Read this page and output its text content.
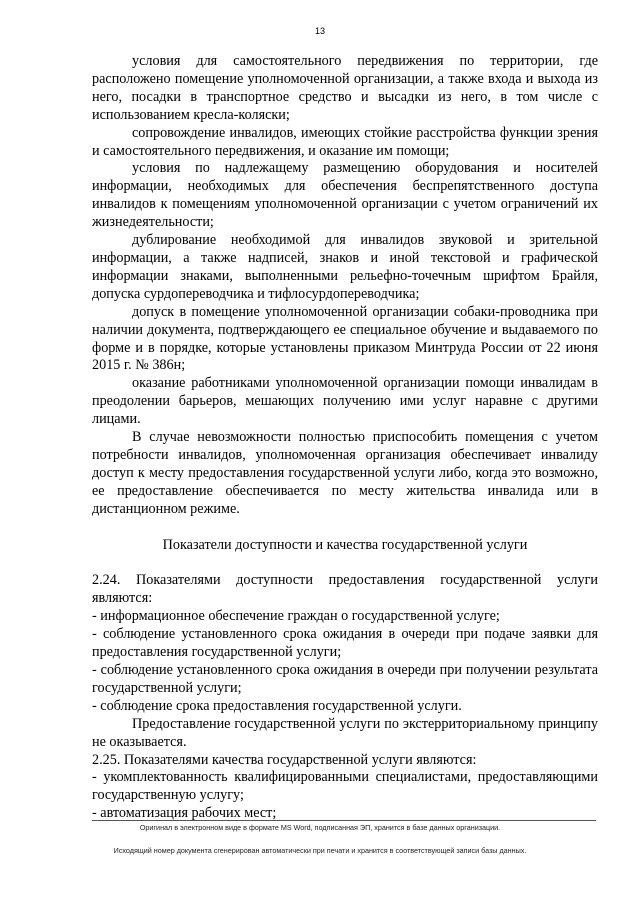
13

условия для самостоятельного передвижения по территории, где расположено помещение уполномоченной организации, а также входа и выхода из него, посадки в транспортное средство и высадки из него, в том числе с использованием кресла-коляски;

сопровождение инвалидов, имеющих стойкие расстройства функции зрения и самостоятельного передвижения, и оказание им помощи;

условия по надлежащему размещению оборудования и носителей информации, необходимых для обеспечения беспрепятственного доступа инвалидов к помещениям уполномоченной организации с учетом ограничений их жизнедеятельности;

дублирование необходимой для инвалидов звуковой и зрительной информации, а также надписей, знаков и иной текстовой и графической информации знаками, выполненными рельефно-точечным шрифтом Брайля, допуска сурдопереводчика и тифлосурдопереводчика;

допуск в помещение уполномоченной организации собаки-проводника при наличии документа, подтверждающего ее специальное обучение и выдаваемого по форме и в порядке, которые установлены приказом Минтруда России от 22 июня 2015 г. № 386н;

оказание работниками уполномоченной организации помощи инвалидам в преодолении барьеров, мешающих получению ими услуг наравне с другими лицами.

В случае невозможности полностью приспособить помещения с учетом потребности инвалидов, уполномоченная организация обеспечивает инвалиду доступ к месту предоставления государственной услуги либо, когда это возможно, ее предоставление обеспечивается по месту жительства инвалида или в дистанционном режиме.

Показатели доступности и качества государственной услуги

2.24. Показателями доступности предоставления государственной услуги являются:

- информационное обеспечение граждан о государственной услуге;

- соблюдение установленного срока ожидания в очереди при подаче заявки для предоставления государственной услуги;

- соблюдение установленного срока ожидания в очереди при получении результата государственной услуги;

- соблюдение срока предоставления государственной услуги.

Предоставление государственной услуги по экстерриториальному принципу не оказывается.

2.25. Показателями качества государственной услуги являются:

- укомплектованность квалифицированными специалистами, предоставляющими государственную услугу;

- автоматизация рабочих мест;

Оригинал в электронном виде в формате MS Word, подписанная ЭП, хранится в базе данных организации.
Исходящий номер документа сгенерирован автоматически при печати и хранится в соответствующей записи базы данных.
